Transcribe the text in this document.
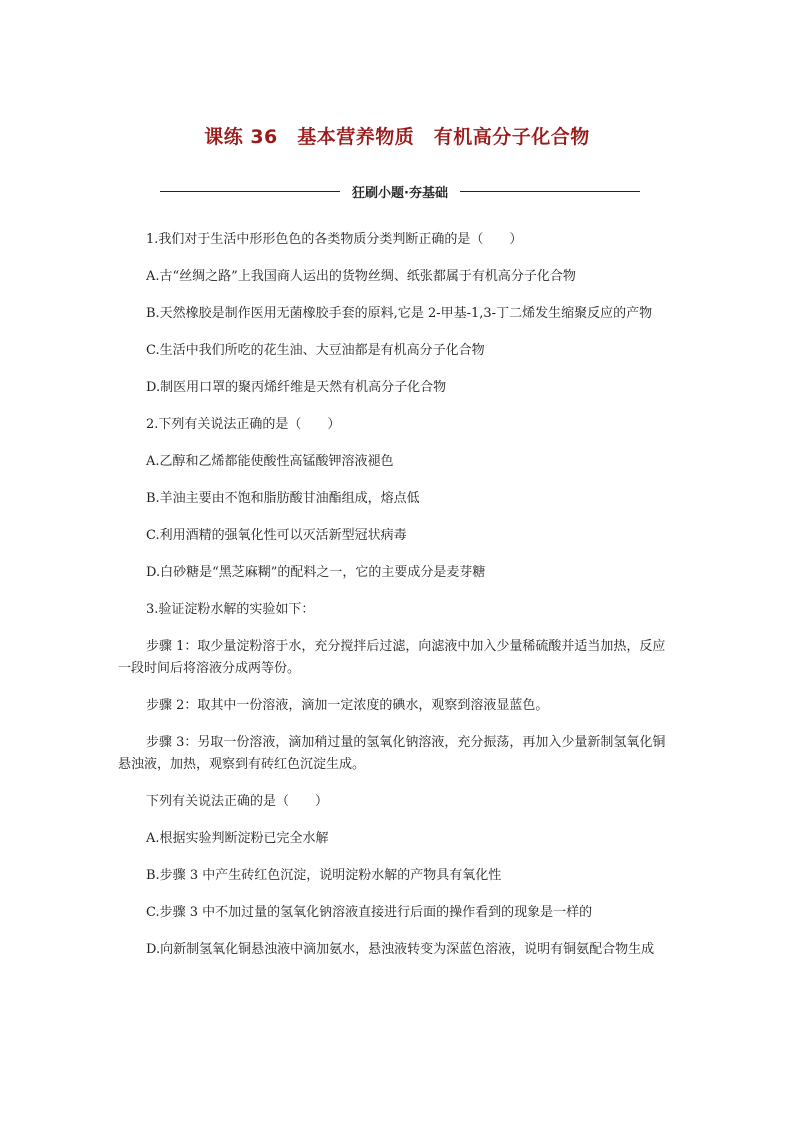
课练 36　基本营养物质　有机高分子化合物
狂刷小题·夯基础

1.我们对于生活中形形色色的各类物质分类判断正确的是（　　）

A.古“丝绸之路”上我国商人运出的货物丝绸、纸张都属于有机高分子化合物

B.天然橡胶是制作医用无菌橡胶手套的原料,它是 2-甲基-1,3-丁二烯发生缩聚反应的产物

C.生活中我们所吃的花生油、大豆油都是有机高分子化合物

D.制医用口罩的聚丙烯纤维是天然有机高分子化合物

2.下列有关说法正确的是（　　）

A.乙醇和乙烯都能使酸性高锰酸钾溶液褪色

B.羊油主要由不饱和脂肪酸甘油酯组成，熔点低

C.利用酒精的强氧化性可以灭活新型冠状病毒

D.白砂糖是“黑芝麻糊”的配料之一，它的主要成分是麦芽糖

3.验证淀粉水解的实验如下：

步骤 1：取少量淀粉溶于水，充分搅拌后过滤，向滤液中加入少量稀硫酸并适当加热，反应一段时间后将溶液分成两等份。

步骤 2：取其中一份溶液，滴加一定浓度的碘水，观察到溶液显蓝色。

步骤 3：另取一份溶液，滴加稍过量的氢氧化钠溶液，充分振荡，再加入少量新制氢氧化铜悬浊液，加热，观察到有砖红色沉淀生成。

下列有关说法正确的是（　　）

A.根据实验判断淀粉已完全水解

B.步骤 3 中产生砖红色沉淀，说明淀粉水解的产物具有氧化性

C.步骤 3 中不加过量的氢氧化钠溶液直接进行后面的操作看到的现象是一样的

D.向新制氢氧化铜悬浊液中滴加氨水，悬浊液转变为深蓝色溶液，说明有铜氨配合物生成
